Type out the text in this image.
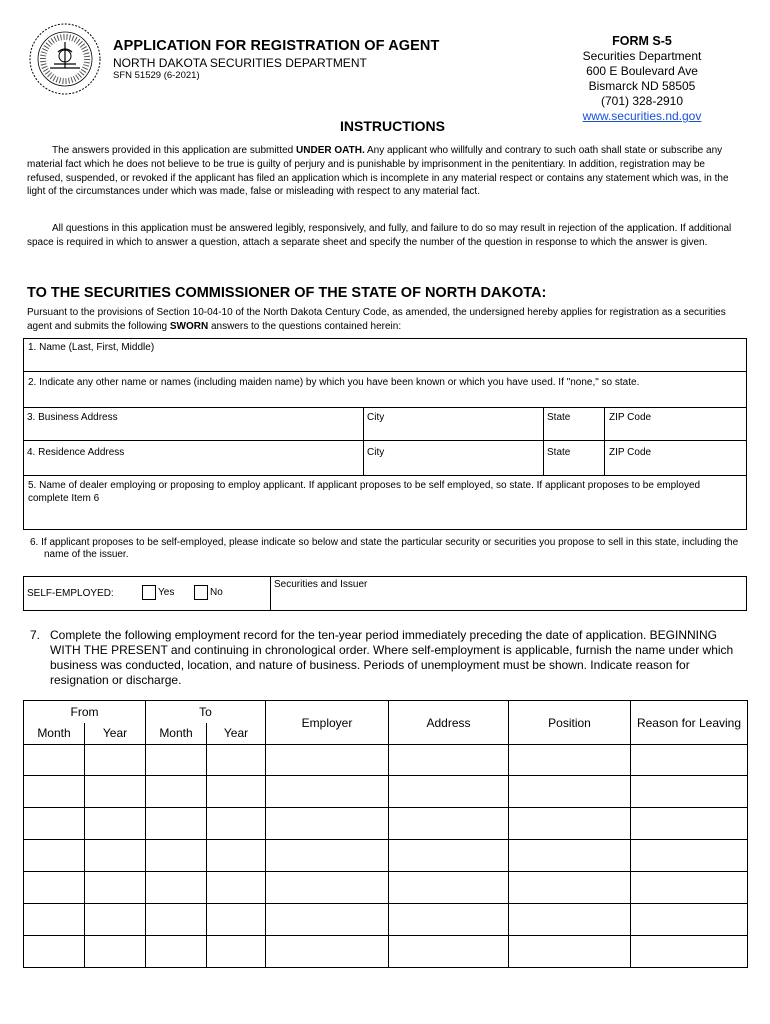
APPLICATION FOR REGISTRATION OF AGENT
NORTH DAKOTA SECURITIES DEPARTMENT
SFN 51529 (6-2021)
FORM S-5
Securities Department
600 E Boulevard Ave
Bismarck ND 58505
(701) 328-2910
www.securities.nd.gov
INSTRUCTIONS

The answers provided in this application are submitted UNDER OATH. Any applicant who willfully and contrary to such oath shall state or subscribe any material fact which he does not believe to be true is guilty of perjury and is punishable by imprisonment in the penitentiary. In addition, registration may be refused, suspended, or revoked if the applicant has filed an application which is incomplete in any material respect or contains any statement which was, in the light of the circumstances under which was made, false or misleading with respect to any material fact.

All questions in this application must be answered legibly, responsively, and fully, and failure to do so may result in rejection of the application. If additional space is required in which to answer a question, attach a separate sheet and specify the number of the question in response to which the answer is given.

TO THE SECURITIES COMMISSIONER OF THE STATE OF NORTH DAKOTA:
Pursuant to the provisions of Section 10-04-10 of the North Dakota Century Code, as amended, the undersigned hereby applies for registration as a securities agent and submits the following SWORN answers to the questions contained herein:
1. Name (Last, First, Middle)
2. Indicate any other name or names (including maiden name) by which you have been known or which you have used. If "none," so state.
3. Business Address	City	State	ZIP Code
4. Residence Address	City	State	ZIP Code
5. Name of dealer employing or proposing to employ applicant. If applicant proposes to be self employed, so state. If applicant proposes to be employed complete Item 6
6. If applicant proposes to be self-employed, please indicate so below and state the particular security or securities you propose to sell in this state, including the name of the issuer.
SELF-EMPLOYED:	Yes	No
Securities and Issuer
7. Complete the following employment record for the ten-year period immediately preceding the date of application. BEGINNING WITH THE PRESENT and continuing in chronological order. Where self-employment is applicable, furnish the name under which business was conducted, location, and nature of business. Periods of unemployment must be shown. Indicate reason for resignation or discharge.
From		To		Employer	Address	Position	Reason for Leaving
Month	Year	Month	Year				
